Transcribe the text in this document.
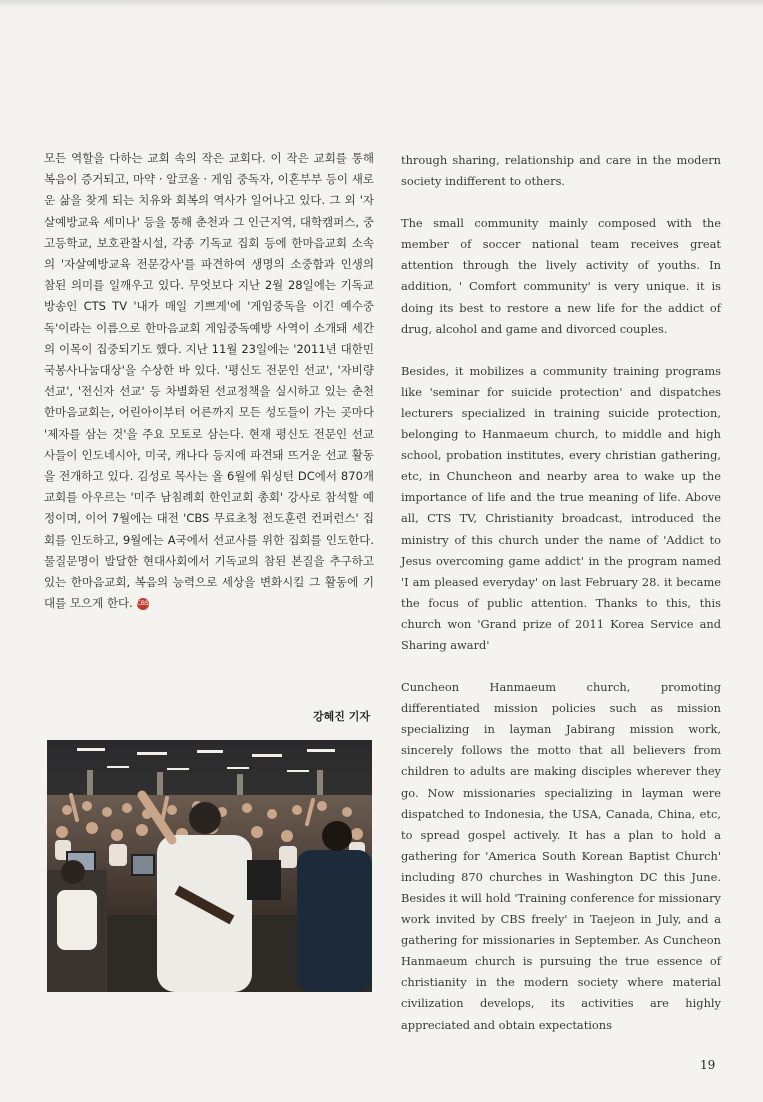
모든 역할을 다하는 교회 속의 작은 교회다. 이 작은 교회를 통해 복음이 증거되고, 마약 · 알코올 · 게임 중독자, 이혼부부 등이 새로운 삶을 찾게 되는 치유와 회복의 역사가 일어나고 있다. 그 외 '자살예방교육 세미나' 등을 통해 춘천과 그 인근지역, 대학캠퍼스, 중고등학교, 보호관찰시설, 각종 기독교 집회 등에 한마음교회 소속의 '자살예방교육 전문강사'를 파견하여 생명의 소중함과 인생의 참된 의미를 일깨우고 있다. 무엇보다 지난 2월 28일에는 기독교방송인 CTS TV '내가 매일 기쁘게'에 '게임중독을 이긴 예수중독'이라는 이름으로 한마음교회 게임중독예방 사역이 소개돼 세간의 이목이 집중되기도 했다. 지난 11월 23일에는 '2011년 대한민국봉사나눔대상'을 수상한 바 있다. '평신도 전문인 선교', '자비량 선교', '전신자 선교' 등 차별화된 선교정책을 실시하고 있는 춘천한마음교회는, 어린아이부터 어른까지 모든 성도들이 가는 곳마다 '제자를 삼는 것'을 주요 모토로 삼는다. 현재 평신도 전문인 선교사들이 인도네시아, 미국, 캐나다 등지에 파견돼 뜨거운 선교 활동을 전개하고 있다. 김성로 목사는 올 6월에 워싱턴 DC에서 870개 교회를 아우르는 '미주 남침례회 한인교회 총회' 강사로 참석할 예정이며, 이어 7월에는 대전 'CBS 무료초청 전도훈련 컨퍼런스' 집회를 인도하고, 9월에는 A국에서 선교사를 위한 집회를 인도한다. 물질문명이 발달한 현대사회에서 기독교의 참된 본질을 추구하고 있는 한마음교회, 복음의 능력으로 세상을 변화시킬 그 활동에 기대를 모으게 한다. CBS

강혜진 기자

through sharing, relationship and care in the modern society indifferent to others.

The small community mainly composed with the member of soccer national team receives great attention through the lively activity of youths. In addition, ' Comfort community' is very unique. it is doing its best to restore a new life for the addict of drug, alcohol and game and divorced couples.

Besides, it mobilizes a community training programs like 'seminar for suicide protection' and dispatches lecturers specialized in training suicide protection, belonging to Hanmaeum church, to middle and high school, probation institutes, every christian gathering, etc, in Chuncheon and nearby area to wake up the importance of life and the true meaning of life. Above all, CTS TV, Christianity broadcast, introduced the ministry of this church under the name of 'Addict to Jesus overcoming game addict' in the program named 'I am pleased everyday' on last February 28. it became the focus of public attention. Thanks to this, this church won 'Grand prize of 2011 Korea Service and Sharing award'

Cuncheon Hanmaeum church, promoting differentiated mission policies such as mission specializing in layman Jabirang mission work, sincerely follows the motto that all believers from children to adults are making disciples wherever they go. Now missionaries specializing in layman were dispatched to Indonesia, the USA, Canada, China, etc, to spread gospel actively. It has a plan to hold a gathering for 'America South Korean Baptist Church' including 870 churches in Washington DC this June. Besides it will hold 'Training conference for missionary work invited by CBS freely' in Taejeon in July, and a gathering for missionaries in September. As Cuncheon Hanmaeum church is pursuing the true essence of christianity in the modern society where material civilization develops, its activities are highly appreciated and obtain expectations

19
